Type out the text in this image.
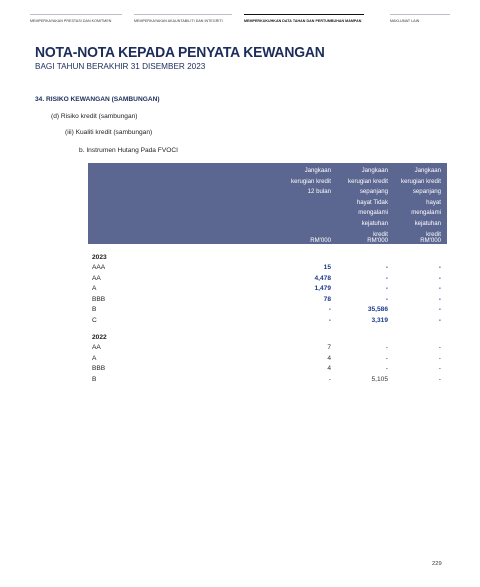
MEMPERKAYAKAN PRESTASI DAN KOMITMEN	MEMPERKAYAKAN AKAUNTABILITI DAN INTEGRITI	MEMPERKUKUHKAN DATA TAHAN DAN PERTUMBUHAN MAMPAN	MAKLUMAT LAIN
NOTA-NOTA KEPADA PENYATA KEWANGAN
BAGI TAHUN BERAKHIR 31 DISEMBER 2023
34. RISIKO KEWANGAN (SAMBUNGAN)
(d) Risiko kredit (sambungan)
(iii) Kualiti kredit (sambungan)
b. Instrumen Hutang Pada FVOCI
Jangkaan
kerugian kredit
12 bulan
Jangkaan
kerugian kredit
sepanjang
hayat Tidak
mengalami
kejatuhan
kredit
Jangkaan
kerugian kredit
sepanjang
hayat
mengalami
kejatuhan
kredit
RM'000	RM'000	RM'000
2023
AAA	15	-	-
AA	4,478	-	-
A	1,479	-	-
BBB	78	-	-
B	-	35,586	-
C	-	3,319	-
2022
AA	7	-	-
A	4	-	-
BBB	4	-	-
B	-	5,105	-
229
